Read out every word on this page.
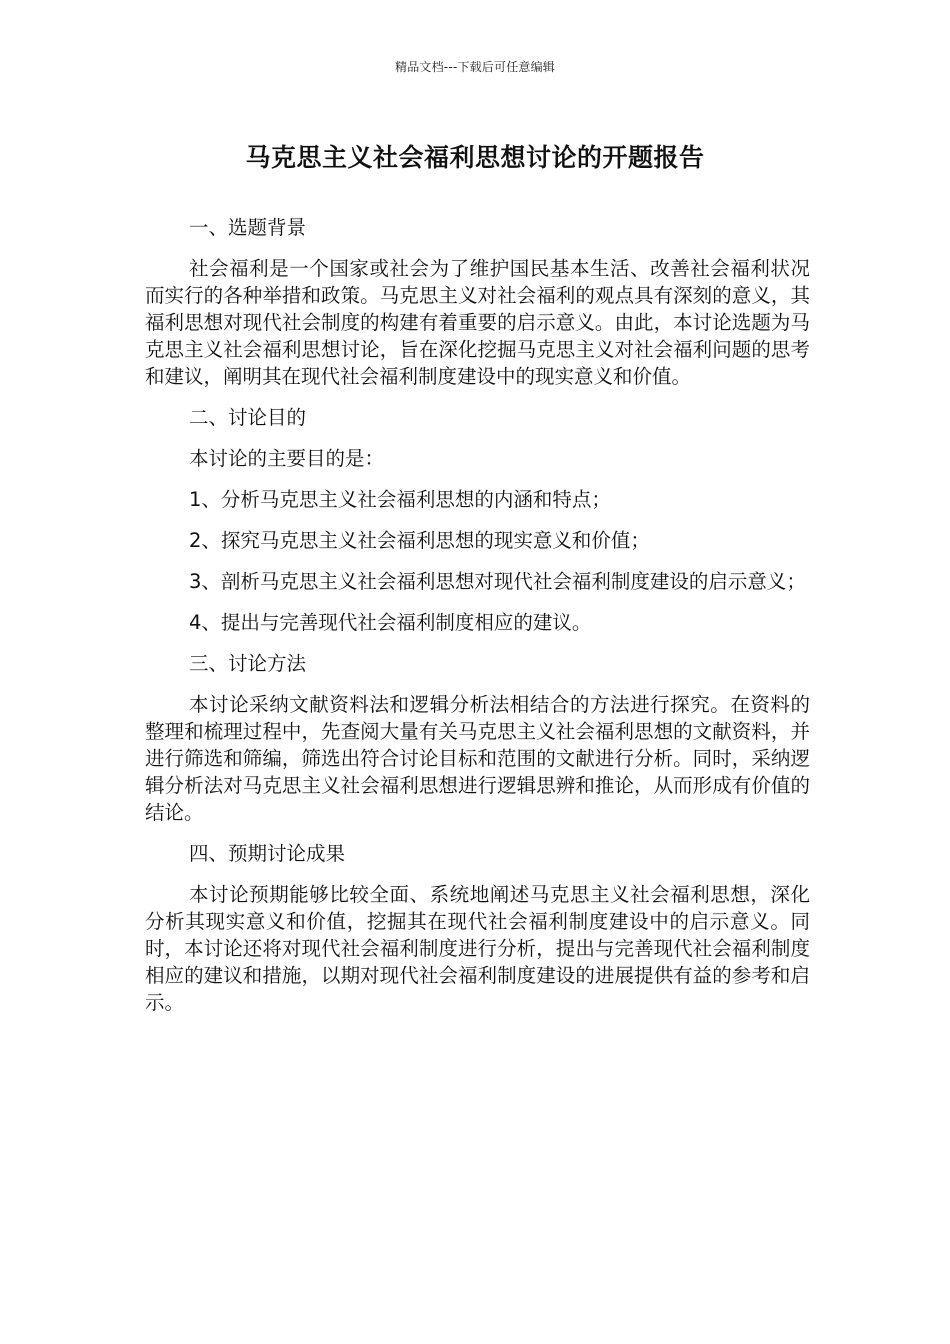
精品文档---下载后可任意编辑
马克思主义社会福利思想讨论的开题报告

一、选题背景

社会福利是一个国家或社会为了维护国民基本生活、改善社会福利状况而实行的各种举措和政策。马克思主义对社会福利的观点具有深刻的意义，其福利思想对现代社会制度的构建有着重要的启示意义。由此，本讨论选题为马克思主义社会福利思想讨论，旨在深化挖掘马克思主义对社会福利问题的思考和建议，阐明其在现代社会福利制度建设中的现实意义和价值。

二、讨论目的

本讨论的主要目的是：

1、分析马克思主义社会福利思想的内涵和特点；

2、探究马克思主义社会福利思想的现实意义和价值；

3、剖析马克思主义社会福利思想对现代社会福利制度建设的启示意义；

4、提出与完善现代社会福利制度相应的建议。

三、讨论方法

本讨论采纳文献资料法和逻辑分析法相结合的方法进行探究。在资料的整理和梳理过程中，先查阅大量有关马克思主义社会福利思想的文献资料，并进行筛选和筛编，筛选出符合讨论目标和范围的文献进行分析。同时，采纳逻辑分析法对马克思主义社会福利思想进行逻辑思辨和推论，从而形成有价值的结论。

四、预期讨论成果

本讨论预期能够比较全面、系统地阐述马克思主义社会福利思想，深化分析其现实意义和价值，挖掘其在现代社会福利制度建设中的启示意义。同时，本讨论还将对现代社会福利制度进行分析，提出与完善现代社会福利制度相应的建议和措施，以期对现代社会福利制度建设的进展提供有益的参考和启示。
